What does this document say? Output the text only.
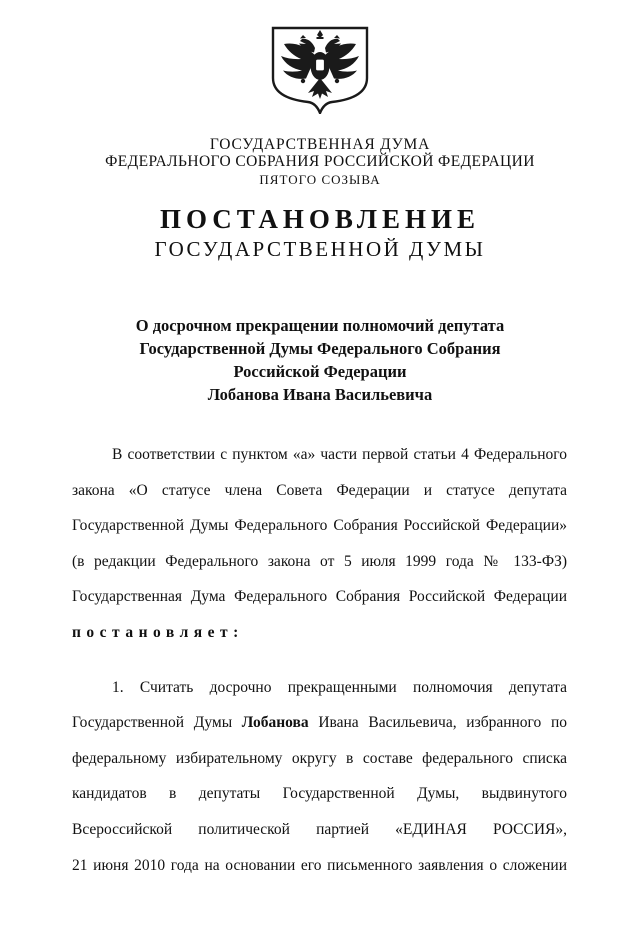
ГОСУДАРСТВЕННАЯ ДУМА
ФЕДЕРАЛЬНОГО СОБРАНИЯ РОССИЙСКОЙ ФЕДЕРАЦИИ
ПЯТОГО СОЗЫВА
ПОСТАНОВЛЕНИЕ
ГОСУДАРСТВЕННОЙ ДУМЫ
О досрочном прекращении полномочий депутата
Государственной Думы Федерального Собрания
Российской Федерации
Лобанова Ивана Васильевича
В соответствии с пунктом «а» части первой статьи 4 Федерального
закона «О статусе члена Совета Федерации и статусе депутата
Государственной Думы Федерального Собрания Российской Федерации»
(в редакции Федерального закона от 5 июля 1999 года № 133-ФЗ)
Государственная Дума Федерального Собрания Российской Федерации
постановляет:
1. Считать досрочно прекращенными полномочия депутата
Государственной Думы Лобанова Ивана Васильевича, избранного по
федеральному избирательному округу в составе федерального списка
кандидатов в депутаты Государственной Думы, выдвинутого
Всероссийской политической партией «ЕДИНАЯ РОССИЯ»,
21 июня 2010 года на основании его письменного заявления о сложении
